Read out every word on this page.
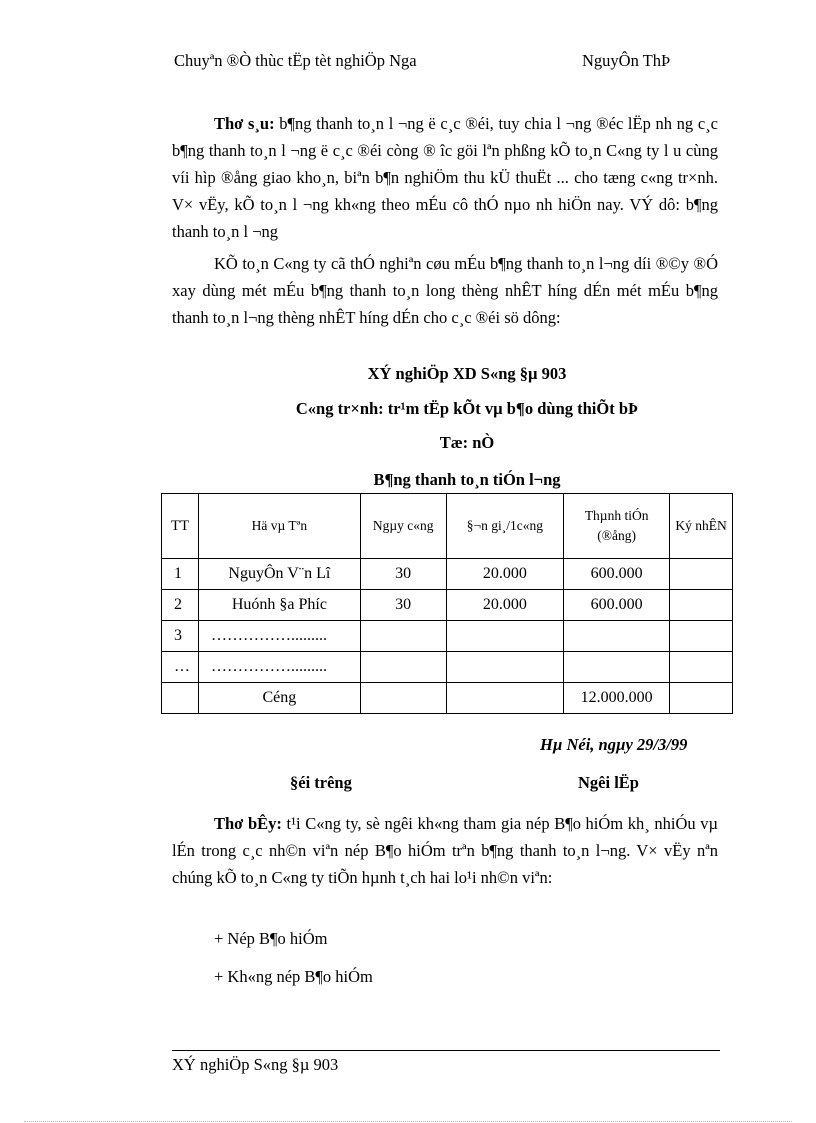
Chuyªn ®Ò thùc tËp tèt nghiÖp Nga	NguyÔn ThÞ
Thơ s¸u: b¶ng thanh to¸n l ¬ng ë c¸c ®éi, tuy chia l ¬ng ®éc lËp nh ng c¸c b¶ng thanh to¸n l ¬ng ë c¸c ®éi còng ® îc göi lªn phßng kÕ to¸n C«ng ty l u cùng víi hìp ®ång giao kho¸n, biªn b¶n nghiÖm thu kÜ thuËt ... cho tæng c«ng tr×nh. V× vËy, kÕ to¸n l ¬ng kh«ng theo mÉu cô thÓ nµo nh hiÖn nay. VÝ dô: b¶ng thanh to¸n l ¬ng
KÕ to¸n C«ng ty cã thÓ nghiªn cøu mÉu b¶ng thanh to¸n l¬ng díi ®©y ®Ó xay dùng mét mÉu b¶ng thanh to¸n long thèng nhÊT híng dÉn mét mÉu b¶ng thanh to¸n l¬ng thèng nhÊT híng dÉn cho c¸c ®éi sö dông:
XÝ nghiÖp XD S«ng §µ 903
C«ng tr×nh: tr¹m tËp kÕt vµ b¶o dùng thiÕt bÞ
Tæ: nÒ
B¶ng thanh to¸n tiÓn l¬ng
TT	Hä vµ Tªn	Ngµy c«ng	§¬n gi¸/1c«ng	Thµnh tiÓn (®ång)	Ký nhÊN
1	NguyÔn V¨n Lî	30	20.000	600.000	
2	Huónh §a Phíc	30	20.000	600.000	
3	…………….........				
…	…………….........				
	Céng			12.000.000	
Hµ Néi, ngµy 29/3/99
§éi trêng	Ngêi lËp
Thơ bÊy: t¹i C«ng ty, sè ngêi kh«ng tham gia nép B¶o hiÓm kh¸ nhiÓu vµ lÉn trong c¸c nh©n viªn nép B¶o hiÓm trªn b¶ng thanh to¸n l¬ng. V× vËy nªn chúng kÕ to¸n C«ng ty tiÕn hµnh t¸ch hai lo¹i nh©n viªn:
+ Nép B¶o hiÓm
+ Kh«ng nép B¶o hiÓm
XÝ nghiÖp S«ng §µ 903
